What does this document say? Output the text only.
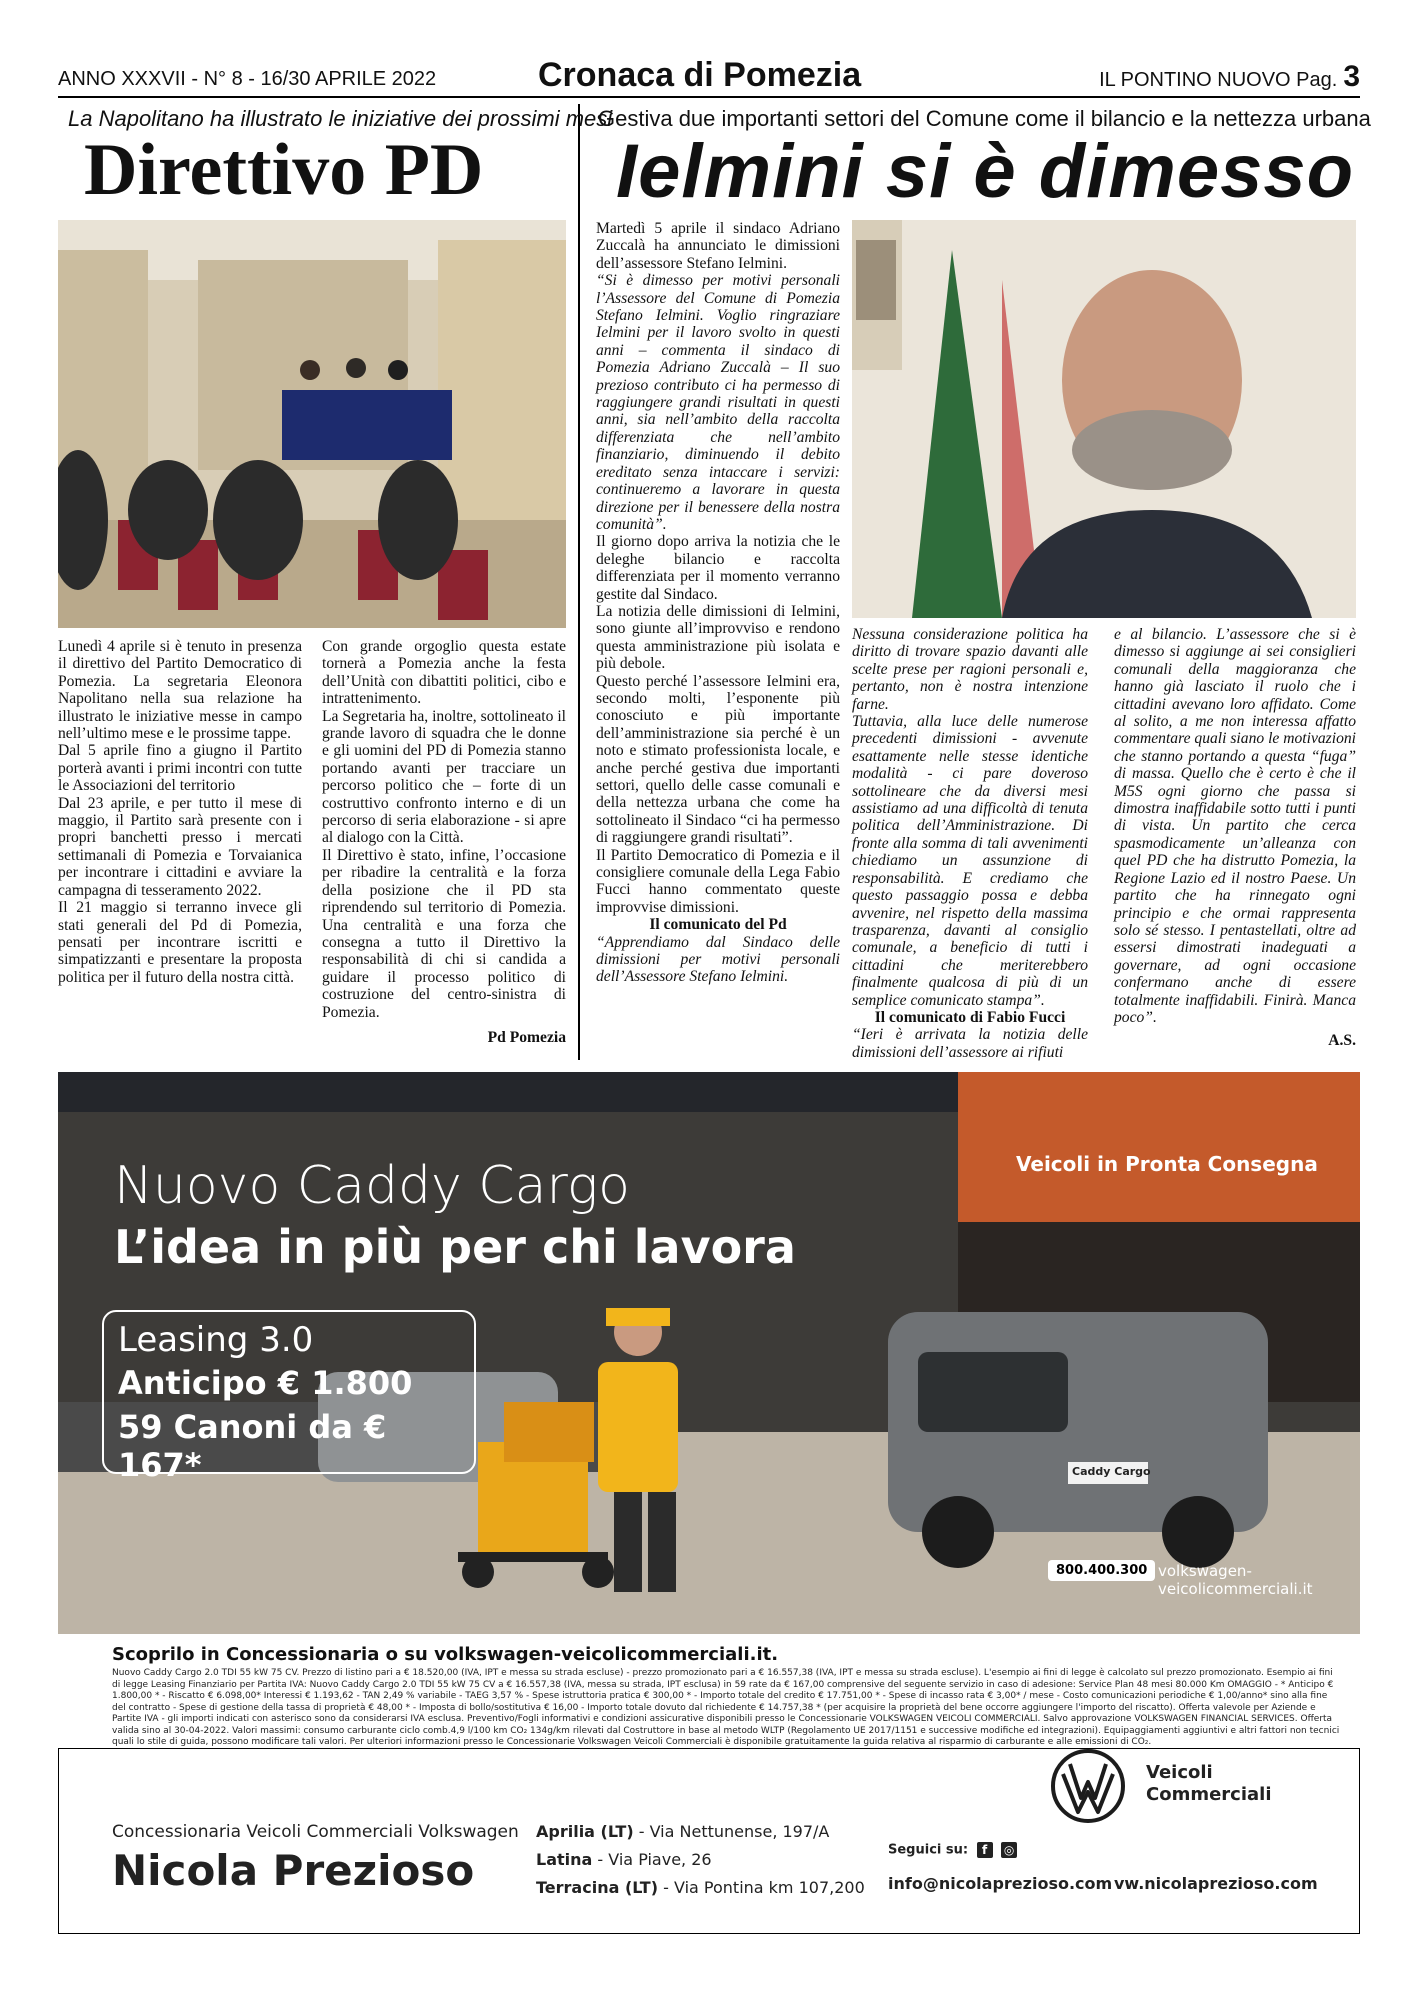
ANNO XXXVII - N° 8 - 16/30 APRILE 2022	Cronaca di Pomezia	IL PONTINO NUOVO Pag. 3
La Napolitano ha illustrato le iniziative dei prossimi mesi
Direttivo PD

Lunedì 4 aprile si è tenuto in presenza il direttivo del Partito Democratico di Pomezia. La segretaria Eleonora Napolitano nella sua relazione ha illustrato le iniziative messe in campo nell’ultimo mese e le prossime tappe.

Dal 5 aprile fino a giugno il Partito porterà avanti i primi incontri con tutte le Associazioni del territorio

Dal 23 aprile, e per tutto il mese di maggio, il Partito sarà presente con i propri banchetti presso i mercati settimanali di Pomezia e Torvaianica per incontrare i cittadini e avviare la campagna di tesseramento 2022.

Il 21 maggio si terranno invece gli stati generali del Pd di Pomezia, pensati per incontrare iscritti e simpatizzanti e presentare la proposta politica per il futuro della nostra città.

Con grande orgoglio questa estate tornerà a Pomezia anche la festa dell’Unità con dibattiti politici, cibo e intrattenimento.

La Segretaria ha, inoltre, sottolineato il grande lavoro di squadra che le donne e gli uomini del PD di Pomezia stanno portando avanti per tracciare un percorso politico che – forte di un costruttivo confronto interno e di un percorso di seria elaborazione - si apre al dialogo con la Città.

Il Direttivo è stato, infine, l’occasione per ribadire la centralità e la forza della posizione che il PD sta riprendendo sul territorio di Pomezia. Una centralità e una forza che consegna a tutto il Direttivo la responsabilità di chi si candida a guidare il processo politico di costruzione del centro-sinistra di Pomezia.

Pd Pomezia

Gestiva due importanti settori del Comune come il bilancio e la nettezza urbana
Ielmini si è dimesso

Martedì 5 aprile il sindaco Adriano Zuccalà ha annunciato le dimissioni dell’assessore Stefano Ielmini.

“Si è dimesso per motivi personali l’Assessore del Comune di Pomezia Stefano Ielmini. Voglio ringraziare Ielmini per il lavoro svolto in questi anni – commenta il sindaco di Pomezia Adriano Zuccalà – Il suo prezioso contributo ci ha permesso di raggiungere grandi risultati in questi anni, sia nell’ambito della raccolta differenziata che nell’ambito finanziario, diminuendo il debito ereditato senza intaccare i servizi: continueremo a lavorare in questa direzione per il benessere della nostra comunità”.

Il giorno dopo arriva la notizia che le deleghe bilancio e raccolta differenziata per il momento verranno gestite dal Sindaco.

La notizia delle dimissioni di Ielmini, sono giunte all’improvviso e rendono questa amministrazione più isolata e più debole.

Questo perché l’assessore Ielmini era, secondo molti, l’esponente più conosciuto e più importante dell’amministrazione sia perché è un noto e stimato professionista locale, e anche perché gestiva due importanti settori, quello delle casse comunali e della nettezza urbana che come ha sottolineato il Sindaco “ci ha permesso di raggiungere grandi risultati”.

Il Partito Democratico di Pomezia e il consigliere comunale della Lega Fabio Fucci hanno commentato queste improvvise dimissioni.

Il comunicato del Pd

“Apprendiamo dal Sindaco delle dimissioni per motivi personali dell’Assessore Stefano Ielmini.

Nessuna considerazione politica ha diritto di trovare spazio davanti alle scelte prese per ragioni personali e, pertanto, non è nostra intenzione farne.

Tuttavia, alla luce delle numerose precedenti dimissioni - avvenute esattamente nelle stesse identiche modalità - ci pare doveroso sottolineare che da diversi mesi assistiamo ad una difficoltà di tenuta politica dell’Amministrazione. Di fronte alla somma di tali avvenimenti chiediamo un assunzione di responsabilità. E crediamo che questo passaggio possa e debba avvenire, nel rispetto della massima trasparenza, davanti al consiglio comunale, a beneficio di tutti i cittadini che meriterebbero finalmente qualcosa di più di un semplice comunicato stampa”.

Il comunicato di Fabio Fucci

“Ieri è arrivata la notizia delle dimissioni dell’assessore ai rifiuti

e al bilancio. L’assessore che si è dimesso si aggiunge ai sei consiglieri comunali della maggioranza che hanno già lasciato il ruolo che i cittadini avevano loro affidato. Come al solito, a me non interessa affatto commentare quali siano le motivazioni che stanno portando a questa “fuga” di massa. Quello che è certo è che il M5S ogni giorno che passa si dimostra inaffidabile sotto tutti i punti di vista. Un partito che cerca spasmodicamente un’alleanza con quel PD che ha distrutto Pomezia, la Regione Lazio ed il nostro Paese. Un partito che ha rinnegato ogni principio e che ormai rappresenta solo sé stesso. I pentastellati, oltre ad essersi dimostrati inadeguati a governare, ad ogni occasione confermano anche di essere totalmente inaffidabili. Finirà. Manca poco”.

A.S.

Nuovo Caddy Cargo
L’idea in più per chi lavora
Leasing 3.0
Anticipo € 1.800
59 Canoni da € 167*
Veicoli in Pronta Consegna
Caddy Cargo
800.400.300 volkswagen-veicolicommerciali.it
Scoprilo in Concessionaria o su volkswagen-veicolicommerciali.it.
Nuovo Caddy Cargo 2.0 TDI 55 kW 75 CV. Prezzo di listino pari a € 18.520,00 (IVA, IPT e messa su strada escluse) - prezzo promozionato pari a € 16.557,38 (IVA, IPT e messa su strada escluse). L'esempio ai fini di legge è calcolato sul prezzo promozionato. Esempio ai fini di legge Leasing Finanziario per Partita IVA: Nuovo Caddy Cargo 2.0 TDI 55 kW 75 CV a € 16.557,38 (IVA, messa su strada, IPT esclusa) in 59 rate da € 167,00 comprensive del seguente servizio in caso di adesione: Service Plan 48 mesi 80.000 Km OMAGGIO - * Anticipo € 1.800,00 * - Riscatto € 6.098,00* Interessi € 1.193,62 - TAN 2,49 % variabile - TAEG 3,57 % - Spese istruttoria pratica € 300,00 * - Importo totale del credito € 17.751,00 * - Spese di incasso rata € 3,00* / mese - Costo comunicazioni periodiche € 1,00/anno* sino alla fine del contratto - Spese di gestione della tassa di proprietà € 48,00 * - Imposta di bollo/sostitutiva € 16,00 - Importo totale dovuto dal richiedente € 14.757,38 * (per acquisire la proprietà del bene occorre aggiungere l'importo del riscatto). Offerta valevole per Aziende e Partite IVA - gli importi indicati con asterisco sono da considerarsi IVA esclusa. Preventivo/Fogli informativi e condizioni assicurative disponibili presso le Concessionarie VOLKSWAGEN VEICOLI COMMERCIALI. Salvo approvazione VOLKSWAGEN FINANCIAL SERVICES. Offerta valida sino al 30-04-2022. Valori massimi: consumo carburante ciclo comb.4,9 l/100 km CO₂ 134g/km rilevati dal Costruttore in base al metodo WLTP (Regolamento UE 2017/1151 e successive modifiche ed integrazioni). Equipaggiamenti aggiuntivi e altri fattori non tecnici quali lo stile di guida, possono modificare tali valori. Per ulteriori informazioni presso le Concessionarie Volkswagen Veicoli Commerciali è disponibile gratuitamente la guida relativa al risparmio di carburante e alle emissioni di CO₂.
Veicoli
Commerciali
Concessionaria Veicoli Commerciali Volkswagen
Nicola Prezioso
Aprilia (LT) - Via Nettunense, 197/A
Latina - Via Piave, 26
Terracina (LT) - Via Pontina km 107,200
Seguici su: f ◎
info@nicolaprezioso.com vw.nicolaprezioso.com
